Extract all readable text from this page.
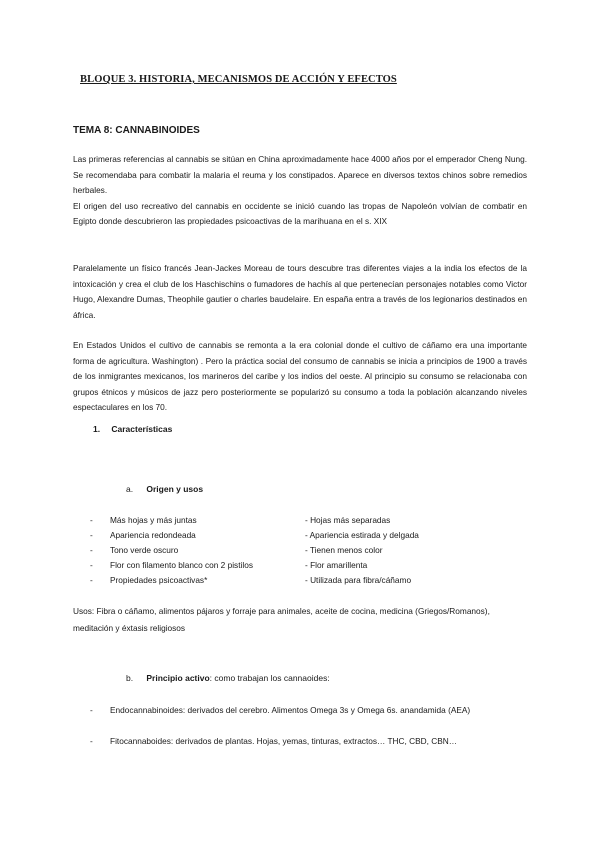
BLOQUE 3. HISTORIA, MECANISMOS DE ACCIÓN Y EFECTOS
TEMA 8: CANNABINOIDES

Las primeras referencias al cannabis se sitúan en China aproximadamente hace 4000 años por el emperador Cheng Nung. Se recomendaba para combatir la malaria el reuma y los constipados. Aparece en diversos textos chinos sobre remedios herbales.

El origen del uso recreativo del cannabis en occidente se inició cuando las tropas de Napoleón volvían de combatir en Egipto donde descubrieron las propiedades psicoactivas de la marihuana en el s. XIX

Paralelamente un físico francés Jean-Jackes Moreau de tours descubre tras diferentes viajes a la india los efectos de la intoxicación y crea el club de los Haschischins o fumadores de hachís al que pertenecían personajes notables como Victor Hugo, Alexandre Dumas, Theophile gautier o charles baudelaire. En españa entra a través de los legionarios destinados en áfrica.
En Estados Unidos el cultivo de cannabis se remonta a la era colonial donde el cultivo de cáñamo era una importante forma de agricultura. Washington) . Pero la práctica social del consumo de cannabis se inicia a principios de 1900 a través de los inmigrantes mexicanos, los marineros del caribe y los indios del oeste. Al principio su consumo se relacionaba con grupos étnicos y músicos de jazz pero posteriormente se popularizó su consumo a toda la población alcanzando niveles espectaculares en los 70.
1. Características
a. Origen y usos
- Más hojas y más juntas	- Hojas más separadas
- Apariencia redondeada	- Apariencia estirada y delgada
- Tono verde oscuro	- Tienen menos color
- Flor con filamento blanco con 2 pistilos	- Flor amarillenta
- Propiedades psicoactivas*	- Utilizada para fibra/cáñamo
Usos: Fibra o cáñamo, alimentos pájaros y forraje para animales, aceite de cocina, medicina (Griegos/Romanos), meditación y éxtasis religiosos
b. Principio activo: como trabajan los cannaoides:
- Endocannabinoides: derivados del cerebro. Alimentos Omega 3s y Omega 6s. anandamida (AEA)
- Fitocannaboides: derivados de plantas. Hojas, yemas, tinturas, extractos… THC, CBD, CBN…
